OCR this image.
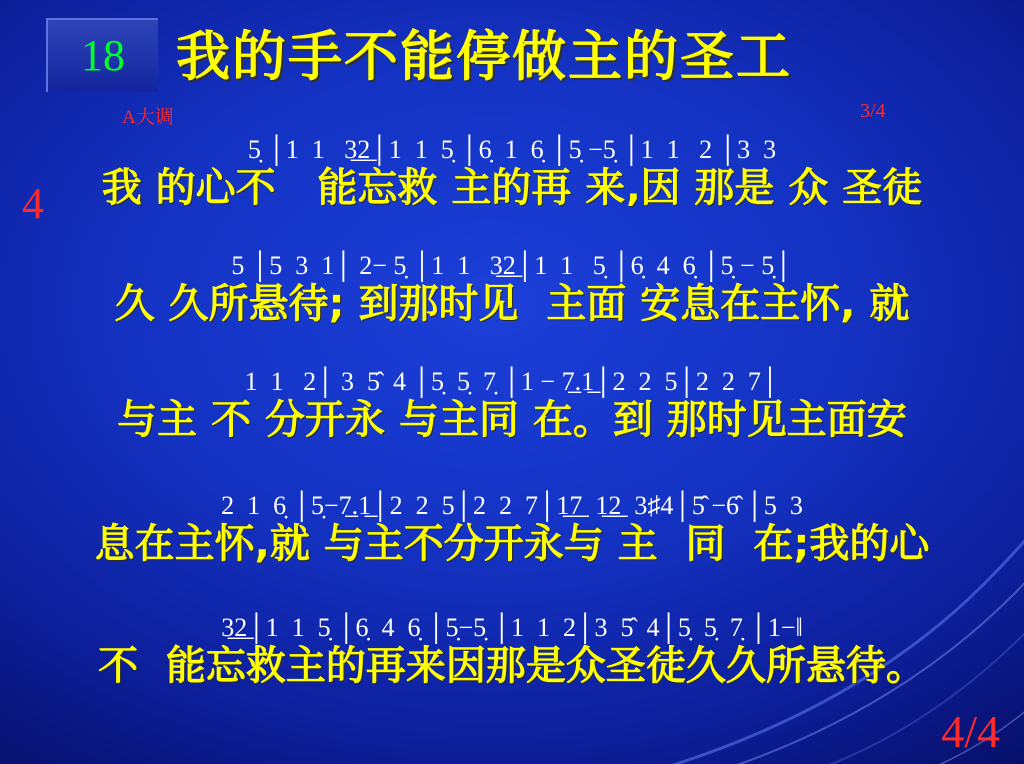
18 我的手不能停做主的圣工
A大调	3/4
4
4/4
5̣ │1  1   3̲2̲│1  1  5̣ │6̣  1  6̣ │5̣ −5̣ │1  1   2 │3  3
我 的心不   能忘救 主的再 来‚因 那是 众 圣徒
5 │5  3  1│ 2− 5̣ │1  1   3̲2̲│1  1   5̣ │6̣  4  6̣ │5̣ − 5̣│
久 久所悬待; 到那时见  主面 安息在主怀, 就
1  1   2│ 3  5̂  4 │5̣  5̣  7̣ │1 − 7̲.1̲│2  2  5│2  2  7│
与主 不 分开永 与主同 在。到 那时见主面安
2  1  6̣ │5̣−7̲.1̲│2  2  5│2  2  7│1̲7̲  1̲2̲  3♯4│5̂ −6̂ │5  3
息在主怀,就 与主不分开永与 主  同  在;我的心
3̲2̲│1  1  5̣ │6̣  4  6̣ │5̣−5̣ │1  1  2│3  5̂  4│5̣  5̣  7̣ │1−‖
不  能忘救主的再来因那是众圣徒久久所悬待。
